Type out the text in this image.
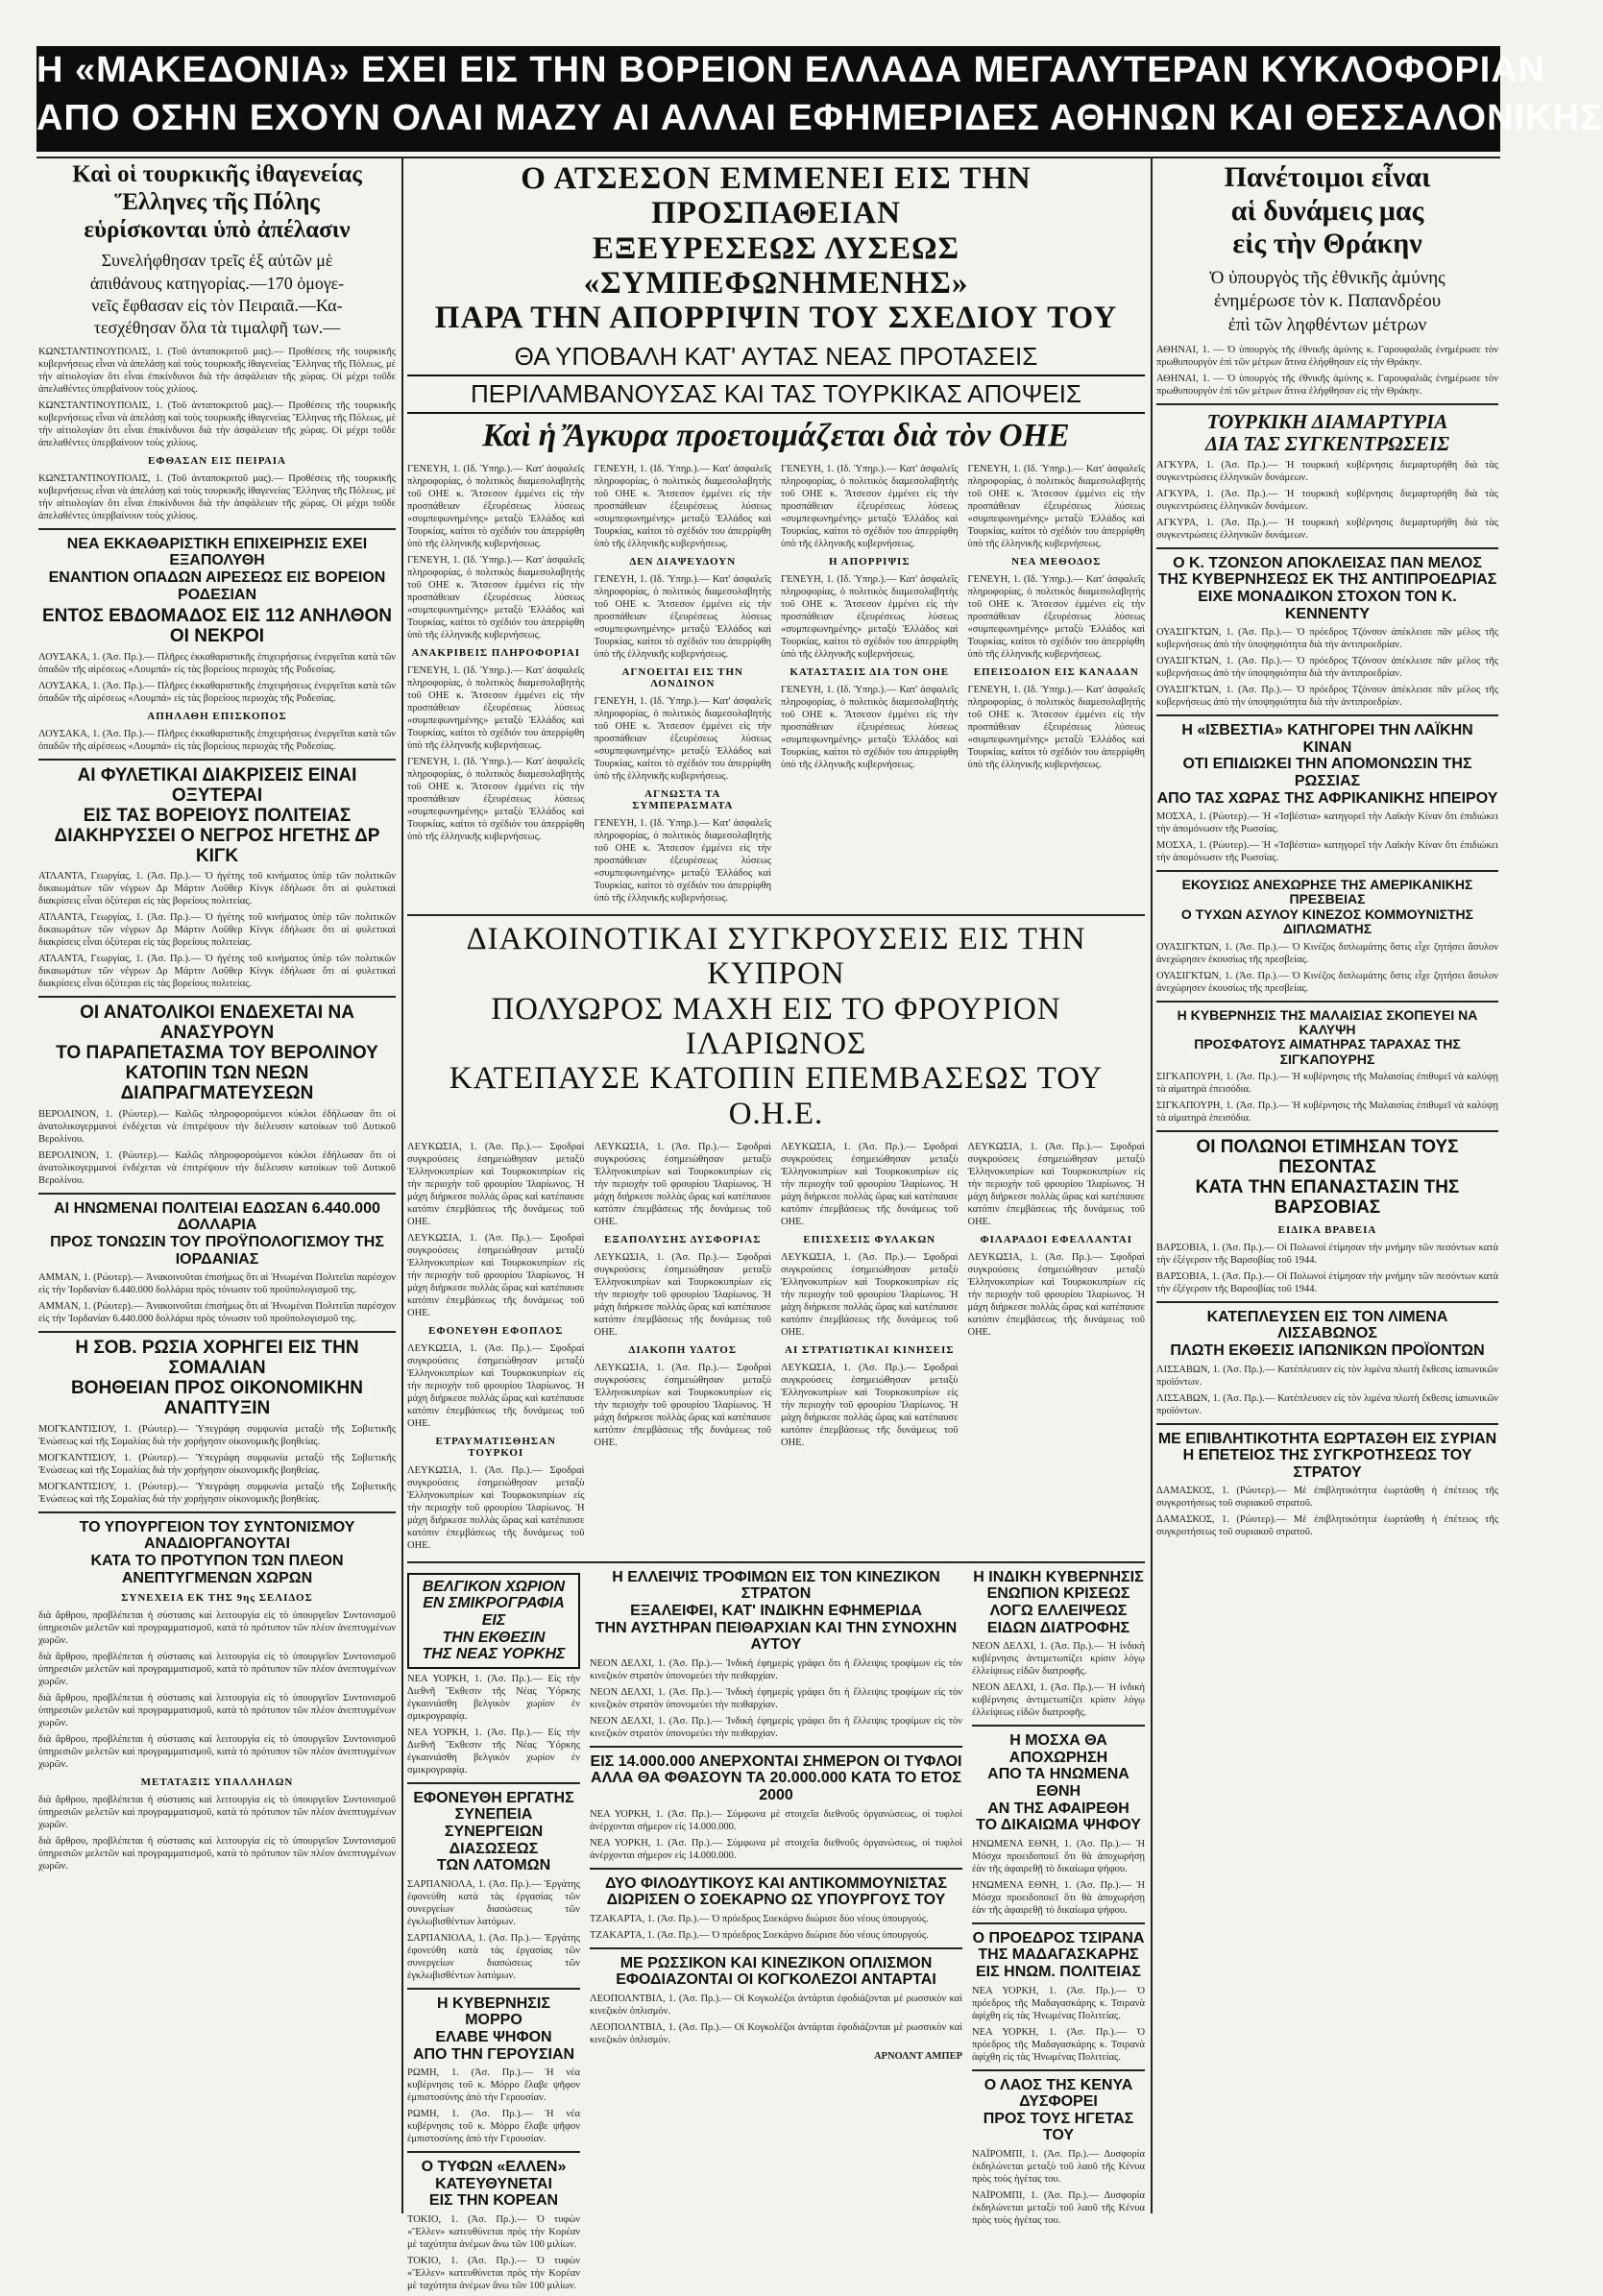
Η «ΜΑΚΕΔΟΝΙΑ» ΕΧΕΙ ΕΙΣ ΤΗΝ ΒΟΡΕΙΟΝ ΕΛΛΑΔΑ ΜΕΓΑΛΥΤΕΡΑΝ ΚΥΚΛΟΦΟΡΙΑΝ
ΑΠΟ ΟΣΗΝ ΕΧΟΥΝ ΟΛΑΙ ΜΑΖΥ ΑΙ ΑΛΛΑΙ ΕΦΗΜΕΡΙΔΕΣ ΑΘΗΝΩΝ ΚΑΙ ΘΕΣΣΑΛΟΝΙΚΗΣ
Καὶ οἱ τουρκικῆς ἰθαγενείας
Ἕλληνες τῆς Πόλης
εὑρίσκονται ὑπὸ ἀπέλασιν

Συνελήφθησαν τρεῖς ἐξ αὐτῶν μὲ
ἀπιθάνους κατηγορίας.—170 ὁμογε-
νεῖς ἔφθασαν εἰς τὸν Πειραιᾶ.—Κα-
τεσχέθησαν ὅλα τὰ τιμαλφῆ των.—

ΚΩΝΣΤΑΝΤΙΝΟΥΠΟΛΙΣ, 1. (Τοῦ ἀνταποκριτοῦ μας).— Προθέσεις τῆς τουρκικῆς κυβερνήσεως εἶναι νὰ ἀπελάσῃ καὶ τοὺς τουρκικῆς ἰθαγενείας Ἕλληνας τῆς Πόλεως, μὲ τὴν αἰτιολογίαν ὅτι εἶναι ἐπικίνδυνοι διὰ τὴν ἀσφάλειαν τῆς χώρας. Οἱ μέχρι τοῦδε ἀπελαθέντες ὑπερβαίνουν τοὺς χιλίους.

ΚΩΝΣΤΑΝΤΙΝΟΥΠΟΛΙΣ, 1. (Τοῦ ἀνταποκριτοῦ μας).— Προθέσεις τῆς τουρκικῆς κυβερνήσεως εἶναι νὰ ἀπελάσῃ καὶ τοὺς τουρκικῆς ἰθαγενείας Ἕλληνας τῆς Πόλεως, μὲ τὴν αἰτιολογίαν ὅτι εἶναι ἐπικίνδυνοι διὰ τὴν ἀσφάλειαν τῆς χώρας. Οἱ μέχρι τοῦδε ἀπελαθέντες ὑπερβαίνουν τοὺς χιλίους.

ΕΦΘΑΣΑΝ ΕΙΣ ΠΕΙΡΑΙΑ

ΚΩΝΣΤΑΝΤΙΝΟΥΠΟΛΙΣ, 1. (Τοῦ ἀνταποκριτοῦ μας).— Προθέσεις τῆς τουρκικῆς κυβερνήσεως εἶναι νὰ ἀπελάσῃ καὶ τοὺς τουρκικῆς ἰθαγενείας Ἕλληνας τῆς Πόλεως, μὲ τὴν αἰτιολογίαν ὅτι εἶναι ἐπικίνδυνοι διὰ τὴν ἀσφάλειαν τῆς χώρας. Οἱ μέχρι τοῦδε ἀπελαθέντες ὑπερβαίνουν τοὺς χιλίους.

ΝΕΑ ΕΚΚΑΘΑΡΙΣΤΙΚΗ ΕΠΙΧΕΙΡΗΣΙΣ ΕΧΕΙ ΕΞΑΠΟΛΥΘΗ
ΕΝΑΝΤΙΟΝ ΟΠΑΔΩΝ ΑΙΡΕΣΕΩΣ ΕΙΣ ΒΟΡΕΙΟΝ ΡΟΔΕΣΙΑΝ
ΕΝΤΟΣ ΕΒΔΟΜΑΔΟΣ ΕΙΣ 112 ΑΝΗΛΘΟΝ ΟΙ ΝΕΚΡΟΙ

ΛΟΥΣΑΚΑ, 1. (Ἀσ. Πρ.).— Πλῆρες ἐκκαθαριστικῆς ἐπιχειρήσεως ἐνεργεῖται κατὰ τῶν ὀπαδῶν τῆς αἱρέσεως «Λουμπά» εἰς τὰς βορείους περιοχὰς τῆς Ροδεσίας.

ΛΟΥΣΑΚΑ, 1. (Ἀσ. Πρ.).— Πλῆρες ἐκκαθαριστικῆς ἐπιχειρήσεως ἐνεργεῖται κατὰ τῶν ὀπαδῶν τῆς αἱρέσεως «Λουμπά» εἰς τὰς βορείους περιοχὰς τῆς Ροδεσίας.

ΑΠΗΛΑΘΗ ΕΠΙΣΚΟΠΟΣ

ΛΟΥΣΑΚΑ, 1. (Ἀσ. Πρ.).— Πλῆρες ἐκκαθαριστικῆς ἐπιχειρήσεως ἐνεργεῖται κατὰ τῶν ὀπαδῶν τῆς αἱρέσεως «Λουμπά» εἰς τὰς βορείους περιοχὰς τῆς Ροδεσίας.

ΑΙ ΦΥΛΕΤΙΚΑΙ ΔΙΑΚΡΙΣΕΙΣ ΕΙΝΑΙ ΟΞΥΤΕΡΑΙ
ΕΙΣ ΤΑΣ ΒΟΡΕΙΟΥΣ ΠΟΛΙΤΕΙΑΣ
ΔΙΑΚΗΡΥΣΣΕΙ Ο ΝΕΓΡΟΣ ΗΓΕΤΗΣ ΔΡ ΚΙΓΚ

ΑΤΛΑΝΤΑ, Γεωργίας, 1. (Ἀσ. Πρ.).— Ὁ ἡγέτης τοῦ κινήματος ὑπὲρ τῶν πολιτικῶν δικαιωμάτων τῶν νέγρων Δρ Μάρτιν Λοῦθερ Κίνγκ ἐδήλωσε ὅτι αἱ φυλετικαὶ διακρίσεις εἶναι ὀξύτεραι εἰς τὰς βορείους πολιτείας.

ΑΤΛΑΝΤΑ, Γεωργίας, 1. (Ἀσ. Πρ.).— Ὁ ἡγέτης τοῦ κινήματος ὑπὲρ τῶν πολιτικῶν δικαιωμάτων τῶν νέγρων Δρ Μάρτιν Λοῦθερ Κίνγκ ἐδήλωσε ὅτι αἱ φυλετικαὶ διακρίσεις εἶναι ὀξύτεραι εἰς τὰς βορείους πολιτείας.

ΑΤΛΑΝΤΑ, Γεωργίας, 1. (Ἀσ. Πρ.).— Ὁ ἡγέτης τοῦ κινήματος ὑπὲρ τῶν πολιτικῶν δικαιωμάτων τῶν νέγρων Δρ Μάρτιν Λοῦθερ Κίνγκ ἐδήλωσε ὅτι αἱ φυλετικαὶ διακρίσεις εἶναι ὀξύτεραι εἰς τὰς βορείους πολιτείας.

ΟΙ ΑΝΑΤΟΛΙΚΟΙ ΕΝΔΕΧΕΤΑΙ ΝΑ ΑΝΑΣΥΡΟΥΝ
ΤΟ ΠΑΡΑΠΕΤΑΣΜΑ ΤΟΥ ΒΕΡΟΛΙΝΟΥ
ΚΑΤΟΠΙΝ ΤΩΝ ΝΕΩΝ ΔΙΑΠΡΑΓΜΑΤΕΥΣΕΩΝ

ΒΕΡΟΛΙΝΟΝ, 1. (Ρώυτερ).— Καλῶς πληροφορούμενοι κύκλοι ἐδήλωσαν ὅτι οἱ ἀνατολικογερμανοὶ ἐνδέχεται νὰ ἐπιτρέψουν τὴν διέλευσιν κατοίκων τοῦ Δυτικοῦ Βερολίνου.

ΒΕΡΟΛΙΝΟΝ, 1. (Ρώυτερ).— Καλῶς πληροφορούμενοι κύκλοι ἐδήλωσαν ὅτι οἱ ἀνατολικογερμανοὶ ἐνδέχεται νὰ ἐπιτρέψουν τὴν διέλευσιν κατοίκων τοῦ Δυτικοῦ Βερολίνου.

ΑΙ ΗΝΩΜΕΝΑΙ ΠΟΛΙΤΕΙΑΙ ΕΔΩΣΑΝ 6.440.000 ΔΟΛΛΑΡΙΑ
ΠΡΟΣ ΤΟΝΩΣΙΝ ΤΟΥ ΠΡΟΫΠΟΛΟΓΙΣΜΟΥ ΤΗΣ ΙΟΡΔΑΝΙΑΣ

ΑΜΜΑΝ, 1. (Ρώυτερ).— Ἀνακοινοῦται ἐπισήμως ὅτι αἱ Ἡνωμέναι Πολιτεῖαι παρέσχον εἰς τὴν Ἰορδανίαν 6.440.000 δολλάρια πρὸς τόνωσιν τοῦ προϋπολογισμοῦ της.

ΑΜΜΑΝ, 1. (Ρώυτερ).— Ἀνακοινοῦται ἐπισήμως ὅτι αἱ Ἡνωμέναι Πολιτεῖαι παρέσχον εἰς τὴν Ἰορδανίαν 6.440.000 δολλάρια πρὸς τόνωσιν τοῦ προϋπολογισμοῦ της.

Η ΣΟΒ. ΡΩΣΙΑ ΧΟΡΗΓΕΙ ΕΙΣ ΤΗΝ ΣΟΜΑΛΙΑΝ
ΒΟΗΘΕΙΑΝ ΠΡΟΣ ΟΙΚΟΝΟΜΙΚΗΝ ΑΝΑΠΤΥΞΙΝ

ΜΟΓΚΑΝΤΙΣΙΟΥ, 1. (Ρώυτερ).— Ὑπεγράφη συμφωνία μεταξὺ τῆς Σοβιετικῆς Ἑνώσεως καὶ τῆς Σομαλίας διὰ τὴν χορήγησιν οἰκονομικῆς βοηθείας.

ΜΟΓΚΑΝΤΙΣΙΟΥ, 1. (Ρώυτερ).— Ὑπεγράφη συμφωνία μεταξὺ τῆς Σοβιετικῆς Ἑνώσεως καὶ τῆς Σομαλίας διὰ τὴν χορήγησιν οἰκονομικῆς βοηθείας.

ΜΟΓΚΑΝΤΙΣΙΟΥ, 1. (Ρώυτερ).— Ὑπεγράφη συμφωνία μεταξὺ τῆς Σοβιετικῆς Ἑνώσεως καὶ τῆς Σομαλίας διὰ τὴν χορήγησιν οἰκονομικῆς βοηθείας.

ΤΟ ΥΠΟΥΡΓΕΙΟΝ ΤΟΥ ΣΥΝΤΟΝΙΣΜΟΥ ΑΝΑΔΙΟΡΓΑΝΟΥΤΑΙ
ΚΑΤΑ ΤΟ ΠΡΟΤΥΠΟΝ ΤΩΝ ΠΛΕΟΝ ΑΝΕΠΤΥΓΜΕΝΩΝ ΧΩΡΩΝ

ΣΥΝΕΧΕΙΑ ΕΚ ΤΗΣ 9ης ΣΕΛΙΔΟΣ

διὰ ἄρθρου, προβλέπεται ἡ σύστασις καὶ λειτουργία εἰς τὸ ὑπουργεῖον Συντονισμοῦ ὑπηρεσιῶν μελετῶν καὶ προγραμματισμοῦ, κατὰ τὸ πρότυπον τῶν πλέον ἀνεπτυγμένων χωρῶν.

διὰ ἄρθρου, προβλέπεται ἡ σύστασις καὶ λειτουργία εἰς τὸ ὑπουργεῖον Συντονισμοῦ ὑπηρεσιῶν μελετῶν καὶ προγραμματισμοῦ, κατὰ τὸ πρότυπον τῶν πλέον ἀνεπτυγμένων χωρῶν.

διὰ ἄρθρου, προβλέπεται ἡ σύστασις καὶ λειτουργία εἰς τὸ ὑπουργεῖον Συντονισμοῦ ὑπηρεσιῶν μελετῶν καὶ προγραμματισμοῦ, κατὰ τὸ πρότυπον τῶν πλέον ἀνεπτυγμένων χωρῶν.

διὰ ἄρθρου, προβλέπεται ἡ σύστασις καὶ λειτουργία εἰς τὸ ὑπουργεῖον Συντονισμοῦ ὑπηρεσιῶν μελετῶν καὶ προγραμματισμοῦ, κατὰ τὸ πρότυπον τῶν πλέον ἀνεπτυγμένων χωρῶν.

ΜΕΤΑΤΑΞΙΣ ΥΠΑΛΛΗΛΩΝ

διὰ ἄρθρου, προβλέπεται ἡ σύστασις καὶ λειτουργία εἰς τὸ ὑπουργεῖον Συντονισμοῦ ὑπηρεσιῶν μελετῶν καὶ προγραμματισμοῦ, κατὰ τὸ πρότυπον τῶν πλέον ἀνεπτυγμένων χωρῶν.

διὰ ἄρθρου, προβλέπεται ἡ σύστασις καὶ λειτουργία εἰς τὸ ὑπουργεῖον Συντονισμοῦ ὑπηρεσιῶν μελετῶν καὶ προγραμματισμοῦ, κατὰ τὸ πρότυπον τῶν πλέον ἀνεπτυγμένων χωρῶν.

Ο ΑΤΣΕΣΟΝ ΕΜΜΕΝΕΙ ΕΙΣ ΤΗΝ ΠΡΟΣΠΑΘΕΙΑΝ
ΕΞΕΥΡΕΣΕΩΣ ΛΥΣΕΩΣ «ΣΥΜΠΕΦΩΝΗΜΕΝΗΣ»
ΠΑΡΑ ΤΗΝ ΑΠΟΡΡΙΨΙΝ ΤΟΥ ΣΧΕΔΙΟΥ ΤΟΥ
ΘΑ ΥΠΟΒΑΛΗ ΚΑΤ' ΑΥΤΑΣ ΝΕΑΣ ΠΡΟΤΑΣΕΙΣ
ΠΕΡΙΛΑΜΒΑΝΟΥΣΑΣ ΚΑΙ ΤΑΣ ΤΟΥΡΚΙΚΑΣ ΑΠΟΨΕΙΣ
Καὶ ἡ Ἄγκυρα προετοιμάζεται διὰ τὸν ΟΗΕ

ΓΕΝΕΥΗ, 1. (Ιδ. Ὑπηρ.).— Κατ' ἀσφαλεῖς πληροφορίας, ὁ πολιτικὸς διαμεσολαβητὴς τοῦ ΟΗΕ κ. Ἄτσεσον ἐμμένει εἰς τὴν προσπάθειαν ἐξευρέσεως λύσεως «συμπεφωνημένης» μεταξὺ Ἑλλάδος καὶ Τουρκίας, καίτοι τὸ σχέδιόν του ἀπερρίφθη ὑπὸ τῆς ἑλληνικῆς κυβερνήσεως.

ΓΕΝΕΥΗ, 1. (Ιδ. Ὑπηρ.).— Κατ' ἀσφαλεῖς πληροφορίας, ὁ πολιτικὸς διαμεσολαβητὴς τοῦ ΟΗΕ κ. Ἄτσεσον ἐμμένει εἰς τὴν προσπάθειαν ἐξευρέσεως λύσεως «συμπεφωνημένης» μεταξὺ Ἑλλάδος καὶ Τουρκίας, καίτοι τὸ σχέδιόν του ἀπερρίφθη ὑπὸ τῆς ἑλληνικῆς κυβερνήσεως.

ΑΝΑΚΡΙΒΕΙΣ ΠΛΗΡΟΦΟΡΙΑΙ

ΓΕΝΕΥΗ, 1. (Ιδ. Ὑπηρ.).— Κατ' ἀσφαλεῖς πληροφορίας, ὁ πολιτικὸς διαμεσολαβητὴς τοῦ ΟΗΕ κ. Ἄτσεσον ἐμμένει εἰς τὴν προσπάθειαν ἐξευρέσεως λύσεως «συμπεφωνημένης» μεταξὺ Ἑλλάδος καὶ Τουρκίας, καίτοι τὸ σχέδιόν του ἀπερρίφθη ὑπὸ τῆς ἑλληνικῆς κυβερνήσεως.

ΓΕΝΕΥΗ, 1. (Ιδ. Ὑπηρ.).— Κατ' ἀσφαλεῖς πληροφορίας, ὁ πολιτικὸς διαμεσολαβητὴς τοῦ ΟΗΕ κ. Ἄτσεσον ἐμμένει εἰς τὴν προσπάθειαν ἐξευρέσεως λύσεως «συμπεφωνημένης» μεταξὺ Ἑλλάδος καὶ Τουρκίας, καίτοι τὸ σχέδιόν του ἀπερρίφθη ὑπὸ τῆς ἑλληνικῆς κυβερνήσεως.

ΓΕΝΕΥΗ, 1. (Ιδ. Ὑπηρ.).— Κατ' ἀσφαλεῖς πληροφορίας, ὁ πολιτικὸς διαμεσολαβητὴς τοῦ ΟΗΕ κ. Ἄτσεσον ἐμμένει εἰς τὴν προσπάθειαν ἐξευρέσεως λύσεως «συμπεφωνημένης» μεταξὺ Ἑλλάδος καὶ Τουρκίας, καίτοι τὸ σχέδιόν του ἀπερρίφθη ὑπὸ τῆς ἑλληνικῆς κυβερνήσεως.

ΔΕΝ ΔΙΑΨΕΥΔΟΥΝ

ΓΕΝΕΥΗ, 1. (Ιδ. Ὑπηρ.).— Κατ' ἀσφαλεῖς πληροφορίας, ὁ πολιτικὸς διαμεσολαβητὴς τοῦ ΟΗΕ κ. Ἄτσεσον ἐμμένει εἰς τὴν προσπάθειαν ἐξευρέσεως λύσεως «συμπεφωνημένης» μεταξὺ Ἑλλάδος καὶ Τουρκίας, καίτοι τὸ σχέδιόν του ἀπερρίφθη ὑπὸ τῆς ἑλληνικῆς κυβερνήσεως.

ΑΓΝΟΕΙΤΑΙ ΕΙΣ ΤΗΝ ΛΟΝΔΙΝΟΝ

ΓΕΝΕΥΗ, 1. (Ιδ. Ὑπηρ.).— Κατ' ἀσφαλεῖς πληροφορίας, ὁ πολιτικὸς διαμεσολαβητὴς τοῦ ΟΗΕ κ. Ἄτσεσον ἐμμένει εἰς τὴν προσπάθειαν ἐξευρέσεως λύσεως «συμπεφωνημένης» μεταξὺ Ἑλλάδος καὶ Τουρκίας, καίτοι τὸ σχέδιόν του ἀπερρίφθη ὑπὸ τῆς ἑλληνικῆς κυβερνήσεως.

ΑΓΝΩΣΤΑ ΤΑ ΣΥΜΠΕΡΑΣΜΑΤΑ

ΓΕΝΕΥΗ, 1. (Ιδ. Ὑπηρ.).— Κατ' ἀσφαλεῖς πληροφορίας, ὁ πολιτικὸς διαμεσολαβητὴς τοῦ ΟΗΕ κ. Ἄτσεσον ἐμμένει εἰς τὴν προσπάθειαν ἐξευρέσεως λύσεως «συμπεφωνημένης» μεταξὺ Ἑλλάδος καὶ Τουρκίας, καίτοι τὸ σχέδιόν του ἀπερρίφθη ὑπὸ τῆς ἑλληνικῆς κυβερνήσεως.

ΓΕΝΕΥΗ, 1. (Ιδ. Ὑπηρ.).— Κατ' ἀσφαλεῖς πληροφορίας, ὁ πολιτικὸς διαμεσολαβητὴς τοῦ ΟΗΕ κ. Ἄτσεσον ἐμμένει εἰς τὴν προσπάθειαν ἐξευρέσεως λύσεως «συμπεφωνημένης» μεταξὺ Ἑλλάδος καὶ Τουρκίας, καίτοι τὸ σχέδιόν του ἀπερρίφθη ὑπὸ τῆς ἑλληνικῆς κυβερνήσεως.

Η ΑΠΟΡΡΙΨΙΣ

ΓΕΝΕΥΗ, 1. (Ιδ. Ὑπηρ.).— Κατ' ἀσφαλεῖς πληροφορίας, ὁ πολιτικὸς διαμεσολαβητὴς τοῦ ΟΗΕ κ. Ἄτσεσον ἐμμένει εἰς τὴν προσπάθειαν ἐξευρέσεως λύσεως «συμπεφωνημένης» μεταξὺ Ἑλλάδος καὶ Τουρκίας, καίτοι τὸ σχέδιόν του ἀπερρίφθη ὑπὸ τῆς ἑλληνικῆς κυβερνήσεως.

ΚΑΤΑΣΤΑΣΙΣ ΔΙΑ ΤΟΝ ΟΗΕ

ΓΕΝΕΥΗ, 1. (Ιδ. Ὑπηρ.).— Κατ' ἀσφαλεῖς πληροφορίας, ὁ πολιτικὸς διαμεσολαβητὴς τοῦ ΟΗΕ κ. Ἄτσεσον ἐμμένει εἰς τὴν προσπάθειαν ἐξευρέσεως λύσεως «συμπεφωνημένης» μεταξὺ Ἑλλάδος καὶ Τουρκίας, καίτοι τὸ σχέδιόν του ἀπερρίφθη ὑπὸ τῆς ἑλληνικῆς κυβερνήσεως.

ΓΕΝΕΥΗ, 1. (Ιδ. Ὑπηρ.).— Κατ' ἀσφαλεῖς πληροφορίας, ὁ πολιτικὸς διαμεσολαβητὴς τοῦ ΟΗΕ κ. Ἄτσεσον ἐμμένει εἰς τὴν προσπάθειαν ἐξευρέσεως λύσεως «συμπεφωνημένης» μεταξὺ Ἑλλάδος καὶ Τουρκίας, καίτοι τὸ σχέδιόν του ἀπερρίφθη ὑπὸ τῆς ἑλληνικῆς κυβερνήσεως.

ΝΕΑ ΜΕΘΟΔΟΣ

ΓΕΝΕΥΗ, 1. (Ιδ. Ὑπηρ.).— Κατ' ἀσφαλεῖς πληροφορίας, ὁ πολιτικὸς διαμεσολαβητὴς τοῦ ΟΗΕ κ. Ἄτσεσον ἐμμένει εἰς τὴν προσπάθειαν ἐξευρέσεως λύσεως «συμπεφωνημένης» μεταξὺ Ἑλλάδος καὶ Τουρκίας, καίτοι τὸ σχέδιόν του ἀπερρίφθη ὑπὸ τῆς ἑλληνικῆς κυβερνήσεως.

ΕΠΕΙΣΟΔΙΟΝ ΕΙΣ ΚΑΝΑΔΑΝ

ΓΕΝΕΥΗ, 1. (Ιδ. Ὑπηρ.).— Κατ' ἀσφαλεῖς πληροφορίας, ὁ πολιτικὸς διαμεσολαβητὴς τοῦ ΟΗΕ κ. Ἄτσεσον ἐμμένει εἰς τὴν προσπάθειαν ἐξευρέσεως λύσεως «συμπεφωνημένης» μεταξὺ Ἑλλάδος καὶ Τουρκίας, καίτοι τὸ σχέδιόν του ἀπερρίφθη ὑπὸ τῆς ἑλληνικῆς κυβερνήσεως.

ΔΙΑΚΟΙΝΟΤΙΚΑΙ ΣΥΓΚΡΟΥΣΕΙΣ ΕΙΣ ΤΗΝ ΚΥΠΡΟΝ
ΠΟΛΥΩΡΟΣ ΜΑΧΗ ΕΙΣ ΤΟ ΦΡΟΥΡΙΟΝ ΙΛΑΡΙΩΝΟΣ
ΚΑΤΕΠΑΥΣΕ ΚΑΤΟΠΙΝ ΕΠΕΜΒΑΣΕΩΣ ΤΟΥ Ο.Η.Ε.

ΛΕΥΚΩΣΙΑ, 1. (Ἀσ. Πρ.).— Σφοδραὶ συγκρούσεις ἐσημειώθησαν μεταξὺ Ἑλληνοκυπρίων καὶ Τουρκοκυπρίων εἰς τὴν περιοχὴν τοῦ φρουρίου Ἱλαρίωνος. Ἡ μάχη διήρκεσε πολλὰς ὥρας καὶ κατέπαυσε κατόπιν ἐπεμβάσεως τῆς δυνάμεως τοῦ ΟΗΕ.

ΛΕΥΚΩΣΙΑ, 1. (Ἀσ. Πρ.).— Σφοδραὶ συγκρούσεις ἐσημειώθησαν μεταξὺ Ἑλληνοκυπρίων καὶ Τουρκοκυπρίων εἰς τὴν περιοχὴν τοῦ φρουρίου Ἱλαρίωνος. Ἡ μάχη διήρκεσε πολλὰς ὥρας καὶ κατέπαυσε κατόπιν ἐπεμβάσεως τῆς δυνάμεως τοῦ ΟΗΕ.

ΕΦΟΝΕΥΘΗ ΕΦΟΠΛΟΣ

ΛΕΥΚΩΣΙΑ, 1. (Ἀσ. Πρ.).— Σφοδραὶ συγκρούσεις ἐσημειώθησαν μεταξὺ Ἑλληνοκυπρίων καὶ Τουρκοκυπρίων εἰς τὴν περιοχὴν τοῦ φρουρίου Ἱλαρίωνος. Ἡ μάχη διήρκεσε πολλὰς ὥρας καὶ κατέπαυσε κατόπιν ἐπεμβάσεως τῆς δυνάμεως τοῦ ΟΗΕ.

ΕΤΡΑΥΜΑΤΙΣΘΗΣΑΝ ΤΟΥΡΚΟΙ

ΛΕΥΚΩΣΙΑ, 1. (Ἀσ. Πρ.).— Σφοδραὶ συγκρούσεις ἐσημειώθησαν μεταξὺ Ἑλληνοκυπρίων καὶ Τουρκοκυπρίων εἰς τὴν περιοχὴν τοῦ φρουρίου Ἱλαρίωνος. Ἡ μάχη διήρκεσε πολλὰς ὥρας καὶ κατέπαυσε κατόπιν ἐπεμβάσεως τῆς δυνάμεως τοῦ ΟΗΕ.

ΛΕΥΚΩΣΙΑ, 1. (Ἀσ. Πρ.).— Σφοδραὶ συγκρούσεις ἐσημειώθησαν μεταξὺ Ἑλληνοκυπρίων καὶ Τουρκοκυπρίων εἰς τὴν περιοχὴν τοῦ φρουρίου Ἱλαρίωνος. Ἡ μάχη διήρκεσε πολλὰς ὥρας καὶ κατέπαυσε κατόπιν ἐπεμβάσεως τῆς δυνάμεως τοῦ ΟΗΕ.

ΕΞΑΠΟΛΥΣΗΣ ΔΥΣΦΟΡΙΑΣ

ΛΕΥΚΩΣΙΑ, 1. (Ἀσ. Πρ.).— Σφοδραὶ συγκρούσεις ἐσημειώθησαν μεταξὺ Ἑλληνοκυπρίων καὶ Τουρκοκυπρίων εἰς τὴν περιοχὴν τοῦ φρουρίου Ἱλαρίωνος. Ἡ μάχη διήρκεσε πολλὰς ὥρας καὶ κατέπαυσε κατόπιν ἐπεμβάσεως τῆς δυνάμεως τοῦ ΟΗΕ.

ΔΙΑΚΟΠΗ ΥΔΑΤΟΣ

ΛΕΥΚΩΣΙΑ, 1. (Ἀσ. Πρ.).— Σφοδραὶ συγκρούσεις ἐσημειώθησαν μεταξὺ Ἑλληνοκυπρίων καὶ Τουρκοκυπρίων εἰς τὴν περιοχὴν τοῦ φρουρίου Ἱλαρίωνος. Ἡ μάχη διήρκεσε πολλὰς ὥρας καὶ κατέπαυσε κατόπιν ἐπεμβάσεως τῆς δυνάμεως τοῦ ΟΗΕ.

ΛΕΥΚΩΣΙΑ, 1. (Ἀσ. Πρ.).— Σφοδραὶ συγκρούσεις ἐσημειώθησαν μεταξὺ Ἑλληνοκυπρίων καὶ Τουρκοκυπρίων εἰς τὴν περιοχὴν τοῦ φρουρίου Ἱλαρίωνος. Ἡ μάχη διήρκεσε πολλὰς ὥρας καὶ κατέπαυσε κατόπιν ἐπεμβάσεως τῆς δυνάμεως τοῦ ΟΗΕ.

ΕΠΙΣΧΕΣΙΣ ΦΥΛΑΚΩΝ

ΛΕΥΚΩΣΙΑ, 1. (Ἀσ. Πρ.).— Σφοδραὶ συγκρούσεις ἐσημειώθησαν μεταξὺ Ἑλληνοκυπρίων καὶ Τουρκοκυπρίων εἰς τὴν περιοχὴν τοῦ φρουρίου Ἱλαρίωνος. Ἡ μάχη διήρκεσε πολλὰς ὥρας καὶ κατέπαυσε κατόπιν ἐπεμβάσεως τῆς δυνάμεως τοῦ ΟΗΕ.

ΑΙ ΣΤΡΑΤΙΩΤΙΚΑΙ ΚΙΝΗΣΕΙΣ

ΛΕΥΚΩΣΙΑ, 1. (Ἀσ. Πρ.).— Σφοδραὶ συγκρούσεις ἐσημειώθησαν μεταξὺ Ἑλληνοκυπρίων καὶ Τουρκοκυπρίων εἰς τὴν περιοχὴν τοῦ φρουρίου Ἱλαρίωνος. Ἡ μάχη διήρκεσε πολλὰς ὥρας καὶ κατέπαυσε κατόπιν ἐπεμβάσεως τῆς δυνάμεως τοῦ ΟΗΕ.

ΛΕΥΚΩΣΙΑ, 1. (Ἀσ. Πρ.).— Σφοδραὶ συγκρούσεις ἐσημειώθησαν μεταξὺ Ἑλληνοκυπρίων καὶ Τουρκοκυπρίων εἰς τὴν περιοχὴν τοῦ φρουρίου Ἱλαρίωνος. Ἡ μάχη διήρκεσε πολλὰς ὥρας καὶ κατέπαυσε κατόπιν ἐπεμβάσεως τῆς δυνάμεως τοῦ ΟΗΕ.

ΦΙΛΑΡΑΔΟΙ ΕΦΕΛΛΑΝΤΑΙ

ΛΕΥΚΩΣΙΑ, 1. (Ἀσ. Πρ.).— Σφοδραὶ συγκρούσεις ἐσημειώθησαν μεταξὺ Ἑλληνοκυπρίων καὶ Τουρκοκυπρίων εἰς τὴν περιοχὴν τοῦ φρουρίου Ἱλαρίωνος. Ἡ μάχη διήρκεσε πολλὰς ὥρας καὶ κατέπαυσε κατόπιν ἐπεμβάσεως τῆς δυνάμεως τοῦ ΟΗΕ.

ΒΕΛΓΙΚΟΝ ΧΩΡΙΟΝ
ΕΝ ΣΜΙΚΡΟΓΡΑΦΙΑ ΕΙΣ
ΤΗΝ ΕΚΘΕΣΙΝ
ΤΗΣ ΝΕΑΣ ΥΟΡΚΗΣ

ΝΕΑ ΥΟΡΚΗ, 1. (Ἀσ. Πρ.).— Εἰς τὴν Διεθνῆ Ἔκθεσιν τῆς Νέας Ὑόρκης ἐγκαινιάσθη βελγικὸν χωρίον ἐν σμικρογραφίᾳ.

ΝΕΑ ΥΟΡΚΗ, 1. (Ἀσ. Πρ.).— Εἰς τὴν Διεθνῆ Ἔκθεσιν τῆς Νέας Ὑόρκης ἐγκαινιάσθη βελγικὸν χωρίον ἐν σμικρογραφίᾳ.

ΕΦΟΝΕΥΘΗ ΕΡΓΑΤΗΣ
ΣΥΝΕΠΕΙΑ ΣΥΝΕΡΓΕΙΩΝ
ΔΙΑΣΩΣΕΩΣ
ΤΩΝ ΛΑΤΟΜΩΝ

ΣΑΡΠΑΝΙΟΛΑ, 1. (Ἀσ. Πρ.).— Ἐργάτης ἐφονεύθη κατὰ τὰς ἐργασίας τῶν συνεργείων διασώσεως τῶν ἐγκλωβισθέντων λατόμων.

ΣΑΡΠΑΝΙΟΛΑ, 1. (Ἀσ. Πρ.).— Ἐργάτης ἐφονεύθη κατὰ τὰς ἐργασίας τῶν συνεργείων διασώσεως τῶν ἐγκλωβισθέντων λατόμων.

Η ΚΥΒΕΡΝΗΣΙΣ ΜΟΡΡΟ
ΕΛΑΒΕ ΨΗΦΟΝ
ΑΠΟ ΤΗΝ ΓΕΡΟΥΣΙΑΝ

ΡΩΜΗ, 1. (Ἀσ. Πρ.).— Ἡ νέα κυβέρνησις τοῦ κ. Μόρρο ἔλαβε ψῆφον ἐμπιστοσύνης ἀπὸ τὴν Γερουσίαν.

ΡΩΜΗ, 1. (Ἀσ. Πρ.).— Ἡ νέα κυβέρνησις τοῦ κ. Μόρρο ἔλαβε ψῆφον ἐμπιστοσύνης ἀπὸ τὴν Γερουσίαν.

Ο ΤΥΦΩΝ «ΕΛΛΕΝ»
ΚΑΤΕΥΘΥΝΕΤΑΙ
ΕΙΣ ΤΗΝ ΚΟΡΕΑΝ

ΤΟΚΙΟ, 1. (Ἀσ. Πρ.).— Ὁ τυφὼν «Ἔλλεν» κατευθύνεται πρὸς τὴν Κορέαν μὲ ταχύτητα ἀνέμων ἄνω τῶν 100 μιλίων.

ΤΟΚΙΟ, 1. (Ἀσ. Πρ.).— Ὁ τυφὼν «Ἔλλεν» κατευθύνεται πρὸς τὴν Κορέαν μὲ ταχύτητα ἀνέμων ἄνω τῶν 100 μιλίων.

Η ΕΛΛΕΙΨΙΣ ΤΡΟΦΙΜΩΝ ΕΙΣ ΤΟΝ ΚΙΝΕΖΙΚΟΝ ΣΤΡΑΤΟΝ
ΕΞΑΛΕΙΦΕΙ, ΚΑΤ' ΙΝΔΙΚΗΝ ΕΦΗΜΕΡΙΔΑ
ΤΗΝ ΑΥΣΤΗΡΑΝ ΠΕΙΘΑΡΧΙΑΝ ΚΑΙ ΤΗΝ ΣΥΝΟΧΗΝ ΑΥΤΟΥ

ΝΕΟΝ ΔΕΛΧΙ, 1. (Ἀσ. Πρ.).— Ἰνδικὴ ἐφημερὶς γράφει ὅτι ἡ ἔλλειψις τροφίμων εἰς τὸν κινεζικὸν στρατὸν ὑπονομεύει τὴν πειθαρχίαν.

ΝΕΟΝ ΔΕΛΧΙ, 1. (Ἀσ. Πρ.).— Ἰνδικὴ ἐφημερὶς γράφει ὅτι ἡ ἔλλειψις τροφίμων εἰς τὸν κινεζικὸν στρατὸν ὑπονομεύει τὴν πειθαρχίαν.

ΝΕΟΝ ΔΕΛΧΙ, 1. (Ἀσ. Πρ.).— Ἰνδικὴ ἐφημερὶς γράφει ὅτι ἡ ἔλλειψις τροφίμων εἰς τὸν κινεζικὸν στρατὸν ὑπονομεύει τὴν πειθαρχίαν.

ΕΙΣ 14.000.000 ΑΝΕΡΧΟΝΤΑΙ ΣΗΜΕΡΟΝ ΟΙ ΤΥΦΛΟΙ
ΑΛΛΑ ΘΑ ΦΘΑΣΟΥΝ ΤΑ 20.000.000 ΚΑΤΑ ΤΟ ΕΤΟΣ 2000

ΝΕΑ ΥΟΡΚΗ, 1. (Ἀσ. Πρ.).— Σύμφωνα μὲ στοιχεῖα διεθνοῦς ὀργανώσεως, οἱ τυφλοὶ ἀνέρχονται σήμερον εἰς 14.000.000.

ΝΕΑ ΥΟΡΚΗ, 1. (Ἀσ. Πρ.).— Σύμφωνα μὲ στοιχεῖα διεθνοῦς ὀργανώσεως, οἱ τυφλοὶ ἀνέρχονται σήμερον εἰς 14.000.000.

ΔΥΟ ΦΙΛΟΔΥΤΙΚΟΥΣ ΚΑΙ ΑΝΤΙΚΟΜΜΟΥΝΙΣΤΑΣ
ΔΙΩΡΙΣΕΝ Ο ΣΟΕΚΑΡΝΟ ΩΣ ΥΠΟΥΡΓΟΥΣ ΤΟΥ

ΤΖΑΚΑΡΤΑ, 1. (Ἀσ. Πρ.).— Ὁ πρόεδρος Σοεκάρνο διώρισε δύο νέους ὑπουργούς.

ΤΖΑΚΑΡΤΑ, 1. (Ἀσ. Πρ.).— Ὁ πρόεδρος Σοεκάρνο διώρισε δύο νέους ὑπουργούς.

ΜΕ ΡΩΣΣΙΚΟΝ ΚΑΙ ΚΙΝΕΖΙΚΟΝ ΟΠΛΙΣΜΟΝ
ΕΦΟΔΙΑΖΟΝΤΑΙ ΟΙ ΚΟΓΚΟΛΕΖΟΙ ΑΝΤΑΡΤΑΙ

ΛΕΟΠΟΛΝΤΒΙΛ, 1. (Ἀσ. Πρ.).— Οἱ Κογκολέζοι ἀντάρται ἐφοδιάζονται μὲ ρωσσικὸν καὶ κινεζικὸν ὁπλισμόν.

ΛΕΟΠΟΛΝΤΒΙΛ, 1. (Ἀσ. Πρ.).— Οἱ Κογκολέζοι ἀντάρται ἐφοδιάζονται μὲ ρωσσικὸν καὶ κινεζικὸν ὁπλισμόν.

ΑΡΝΟΛΝΤ ΑΜΠΕΡ

Η ΙΝΔΙΚΗ ΚΥΒΕΡΝΗΣΙΣ
ΕΝΩΠΙΟΝ ΚΡΙΣΕΩΣ
ΛΟΓΩ ΕΛΛΕΙΨΕΩΣ
ΕΙΔΩΝ ΔΙΑΤΡΟΦΗΣ

ΝΕΟΝ ΔΕΛΧΙ, 1. (Ἀσ. Πρ.).— Ἡ ἰνδικὴ κυβέρνησις ἀντιμετωπίζει κρίσιν λόγῳ ἐλλείψεως εἰδῶν διατροφῆς.

ΝΕΟΝ ΔΕΛΧΙ, 1. (Ἀσ. Πρ.).— Ἡ ἰνδικὴ κυβέρνησις ἀντιμετωπίζει κρίσιν λόγῳ ἐλλείψεως εἰδῶν διατροφῆς.

Η ΜΟΣΧΑ ΘΑ ΑΠΟΧΩΡΗΣΗ
ΑΠΟ ΤΑ ΗΝΩΜΕΝΑ ΕΘΝΗ
ΑΝ ΤΗΣ ΑΦΑΙΡΕΘΗ
ΤΟ ΔΙΚΑΙΩΜΑ ΨΗΦΟΥ

ΗΝΩΜΕΝΑ ΕΘΝΗ, 1. (Ἀσ. Πρ.).— Ἡ Μόσχα προειδοποιεῖ ὅτι θὰ ἀποχωρήσῃ ἐὰν τῆς ἀφαιρεθῇ τὸ δικαίωμα ψήφου.

ΗΝΩΜΕΝΑ ΕΘΝΗ, 1. (Ἀσ. Πρ.).— Ἡ Μόσχα προειδοποιεῖ ὅτι θὰ ἀποχωρήσῃ ἐὰν τῆς ἀφαιρεθῇ τὸ δικαίωμα ψήφου.

Ο ΠΡΟΕΔΡΟΣ ΤΣΙΡΑΝΑ
ΤΗΣ ΜΑΔΑΓΑΣΚΑΡΗΣ
ΕΙΣ ΗΝΩΜ. ΠΟΛΙΤΕΙΑΣ

ΝΕΑ ΥΟΡΚΗ, 1. (Ἀσ. Πρ.).— Ὁ πρόεδρος τῆς Μαδαγασκάρης κ. Τσιρανὰ ἀφίχθη εἰς τὰς Ἡνωμένας Πολιτείας.

ΝΕΑ ΥΟΡΚΗ, 1. (Ἀσ. Πρ.).— Ὁ πρόεδρος τῆς Μαδαγασκάρης κ. Τσιρανὰ ἀφίχθη εἰς τὰς Ἡνωμένας Πολιτείας.

Ο ΛΑΟΣ ΤΗΣ ΚΕΝΥΑ
ΔΥΣΦΟΡΕΙ
ΠΡΟΣ ΤΟΥΣ ΗΓΕΤΑΣ ΤΟΥ

ΝΑΪΡΟΜΠΙ, 1. (Ἀσ. Πρ.).— Δυσφορία ἐκδηλώνεται μεταξὺ τοῦ λαοῦ τῆς Κένυα πρὸς τοὺς ἡγέτας του.

ΝΑΪΡΟΜΠΙ, 1. (Ἀσ. Πρ.).— Δυσφορία ἐκδηλώνεται μεταξὺ τοῦ λαοῦ τῆς Κένυα πρὸς τοὺς ἡγέτας του.

Πανέτοιμοι εἶναι
αἱ δυνάμεις μας
εἰς τὴν Θράκην

Ὁ ὑπουργὸς τῆς ἐθνικῆς ἀμύνης
ἐνημέρωσε τὸν κ. Παπανδρέου
ἐπὶ τῶν ληφθέντων μέτρων

ΑΘΗΝΑΙ, 1. — Ὁ ὑπουργὸς τῆς ἐθνικῆς ἀμύνης κ. Γαρουφαλιᾶς ἐνημέρωσε τὸν πρωθυπουργὸν ἐπὶ τῶν μέτρων ἅτινα ἐλήφθησαν εἰς τὴν Θράκην.

ΑΘΗΝΑΙ, 1. — Ὁ ὑπουργὸς τῆς ἐθνικῆς ἀμύνης κ. Γαρουφαλιᾶς ἐνημέρωσε τὸν πρωθυπουργὸν ἐπὶ τῶν μέτρων ἅτινα ἐλήφθησαν εἰς τὴν Θράκην.

ΤΟΥΡΚΙΚΗ ΔΙΑΜΑΡΤΥΡΙΑ
ΔΙΑ ΤΑΣ ΣΥΓΚΕΝΤΡΩΣΕΙΣ

ΑΓΚΥΡΑ, 1. (Ἀσ. Πρ.).— Ἡ τουρκικὴ κυβέρνησις διεμαρτυρήθη διὰ τὰς συγκεντρώσεις ἑλληνικῶν δυνάμεων.

ΑΓΚΥΡΑ, 1. (Ἀσ. Πρ.).— Ἡ τουρκικὴ κυβέρνησις διεμαρτυρήθη διὰ τὰς συγκεντρώσεις ἑλληνικῶν δυνάμεων.

ΑΓΚΥΡΑ, 1. (Ἀσ. Πρ.).— Ἡ τουρκικὴ κυβέρνησις διεμαρτυρήθη διὰ τὰς συγκεντρώσεις ἑλληνικῶν δυνάμεων.

Ο Κ. ΤΖΟΝΣΟΝ ΑΠΟΚΛΕΙΣΑΣ ΠΑΝ ΜΕΛΟΣ
ΤΗΣ ΚΥΒΕΡΝΗΣΕΩΣ ΕΚ ΤΗΣ ΑΝΤΙΠΡΟΕΔΡΙΑΣ
ΕΙΧΕ ΜΟΝΑΔΙΚΟΝ ΣΤΟΧΟΝ ΤΟΝ Κ. ΚΕΝΝΕΝΤΥ

ΟΥΑΣΙΓΚΤΩΝ, 1. (Ἀσ. Πρ.).— Ὁ πρόεδρος Τζόνσον ἀπέκλεισε πᾶν μέλος τῆς κυβερνήσεως ἀπὸ τὴν ὑποψηφιότητα διὰ τὴν ἀντιπροεδρίαν.

ΟΥΑΣΙΓΚΤΩΝ, 1. (Ἀσ. Πρ.).— Ὁ πρόεδρος Τζόνσον ἀπέκλεισε πᾶν μέλος τῆς κυβερνήσεως ἀπὸ τὴν ὑποψηφιότητα διὰ τὴν ἀντιπροεδρίαν.

ΟΥΑΣΙΓΚΤΩΝ, 1. (Ἀσ. Πρ.).— Ὁ πρόεδρος Τζόνσον ἀπέκλεισε πᾶν μέλος τῆς κυβερνήσεως ἀπὸ τὴν ὑποψηφιότητα διὰ τὴν ἀντιπροεδρίαν.

Η «ΙΣΒΕΣΤΙΑ» ΚΑΤΗΓΟΡΕΙ ΤΗΝ ΛΑΪΚΗΝ ΚΙΝΑΝ
ΟΤΙ ΕΠΙΔΙΩΚΕΙ ΤΗΝ ΑΠΟΜΟΝΩΣΙΝ ΤΗΣ ΡΩΣΣΙΑΣ
ΑΠΟ ΤΑΣ ΧΩΡΑΣ ΤΗΣ ΑΦΡΙΚΑΝΙΚΗΣ ΗΠΕΙΡΟΥ

ΜΟΣΧΑ, 1. (Ρώυτερ).— Ἡ «Ἰσβέστια» κατηγορεῖ τὴν Λαϊκὴν Κίναν ὅτι ἐπιδιώκει τὴν ἀπομόνωσιν τῆς Ρωσσίας.

ΜΟΣΧΑ, 1. (Ρώυτερ).— Ἡ «Ἰσβέστια» κατηγορεῖ τὴν Λαϊκὴν Κίναν ὅτι ἐπιδιώκει τὴν ἀπομόνωσιν τῆς Ρωσσίας.

ΕΚΟΥΣΙΩΣ ΑΝΕΧΩΡΗΣΕ ΤΗΣ ΑΜΕΡΙΚΑΝΙΚΗΣ ΠΡΕΣΒΕΙΑΣ
Ο ΤΥΧΩΝ ΑΣΥΛΟΥ ΚΙΝΕΖΟΣ ΚΟΜΜΟΥΝΙΣΤΗΣ ΔΙΠΛΩΜΑΤΗΣ

ΟΥΑΣΙΓΚΤΩΝ, 1. (Ἀσ. Πρ.).— Ὁ Κινέζος διπλωμάτης ὅστις εἶχε ζητήσει ἄσυλον ἀνεχώρησεν ἑκουσίως τῆς πρεσβείας.

ΟΥΑΣΙΓΚΤΩΝ, 1. (Ἀσ. Πρ.).— Ὁ Κινέζος διπλωμάτης ὅστις εἶχε ζητήσει ἄσυλον ἀνεχώρησεν ἑκουσίως τῆς πρεσβείας.

Η ΚΥΒΕΡΝΗΣΙΣ ΤΗΣ ΜΑΛΑΙΣΙΑΣ ΣΚΟΠΕΥΕΙ ΝΑ ΚΑΛΥΨΗ
ΠΡΟΣΦΑΤΟΥΣ ΑΙΜΑΤΗΡΑΣ ΤΑΡΑΧΑΣ ΤΗΣ ΣΙΓΚΑΠΟΥΡΗΣ

ΣΙΓΚΑΠΟΥΡΗ, 1. (Ἀσ. Πρ.).— Ἡ κυβέρνησις τῆς Μαλαισίας ἐπιθυμεῖ νὰ καλύψῃ τὰ αἱματηρὰ ἐπεισόδια.

ΣΙΓΚΑΠΟΥΡΗ, 1. (Ἀσ. Πρ.).— Ἡ κυβέρνησις τῆς Μαλαισίας ἐπιθυμεῖ νὰ καλύψῃ τὰ αἱματηρὰ ἐπεισόδια.

ΟΙ ΠΟΛΩΝΟΙ ΕΤΙΜΗΣΑΝ ΤΟΥΣ ΠΕΣΟΝΤΑΣ
ΚΑΤΑ ΤΗΝ ΕΠΑΝΑΣΤΑΣΙΝ ΤΗΣ ΒΑΡΣΟΒΙΑΣ

ΕΙΔΙΚΑ ΒΡΑΒΕΙΑ

ΒΑΡΣΟΒΙΑ, 1. (Ἀσ. Πρ.).— Οἱ Πολωνοὶ ἐτίμησαν τὴν μνήμην τῶν πεσόντων κατὰ τὴν ἐξέγερσιν τῆς Βαρσοβίας τοῦ 1944.

ΒΑΡΣΟΒΙΑ, 1. (Ἀσ. Πρ.).— Οἱ Πολωνοὶ ἐτίμησαν τὴν μνήμην τῶν πεσόντων κατὰ τὴν ἐξέγερσιν τῆς Βαρσοβίας τοῦ 1944.

ΚΑΤΕΠΛΕΥΣΕΝ ΕΙΣ ΤΟΝ ΛΙΜΕΝΑ ΛΙΣΣΑΒΩΝΟΣ
ΠΛΩΤΗ ΕΚΘΕΣΙΣ ΙΑΠΩΝΙΚΩΝ ΠΡΟΪΟΝΤΩΝ

ΛΙΣΣΑΒΩΝ, 1. (Ἀσ. Πρ.).— Κατέπλευσεν εἰς τὸν λιμένα πλωτὴ ἔκθεσις ἰαπωνικῶν προϊόντων.

ΛΙΣΣΑΒΩΝ, 1. (Ἀσ. Πρ.).— Κατέπλευσεν εἰς τὸν λιμένα πλωτὴ ἔκθεσις ἰαπωνικῶν προϊόντων.

ΜΕ ΕΠΙΒΛΗΤΙΚΟΤΗΤΑ ΕΩΡΤΑΣΘΗ ΕΙΣ ΣΥΡΙΑΝ
Η ΕΠΕΤΕΙΟΣ ΤΗΣ ΣΥΓΚΡΟΤΗΣΕΩΣ ΤΟΥ ΣΤΡΑΤΟΥ

ΔΑΜΑΣΚΟΣ, 1. (Ρώυτερ).— Μὲ ἐπιβλητικότητα ἑωρτάσθη ἡ ἐπέτειος τῆς συγκροτήσεως τοῦ συριακοῦ στρατοῦ.

ΔΑΜΑΣΚΟΣ, 1. (Ρώυτερ).— Μὲ ἐπιβλητικότητα ἑωρτάσθη ἡ ἐπέτειος τῆς συγκροτήσεως τοῦ συριακοῦ στρατοῦ.
